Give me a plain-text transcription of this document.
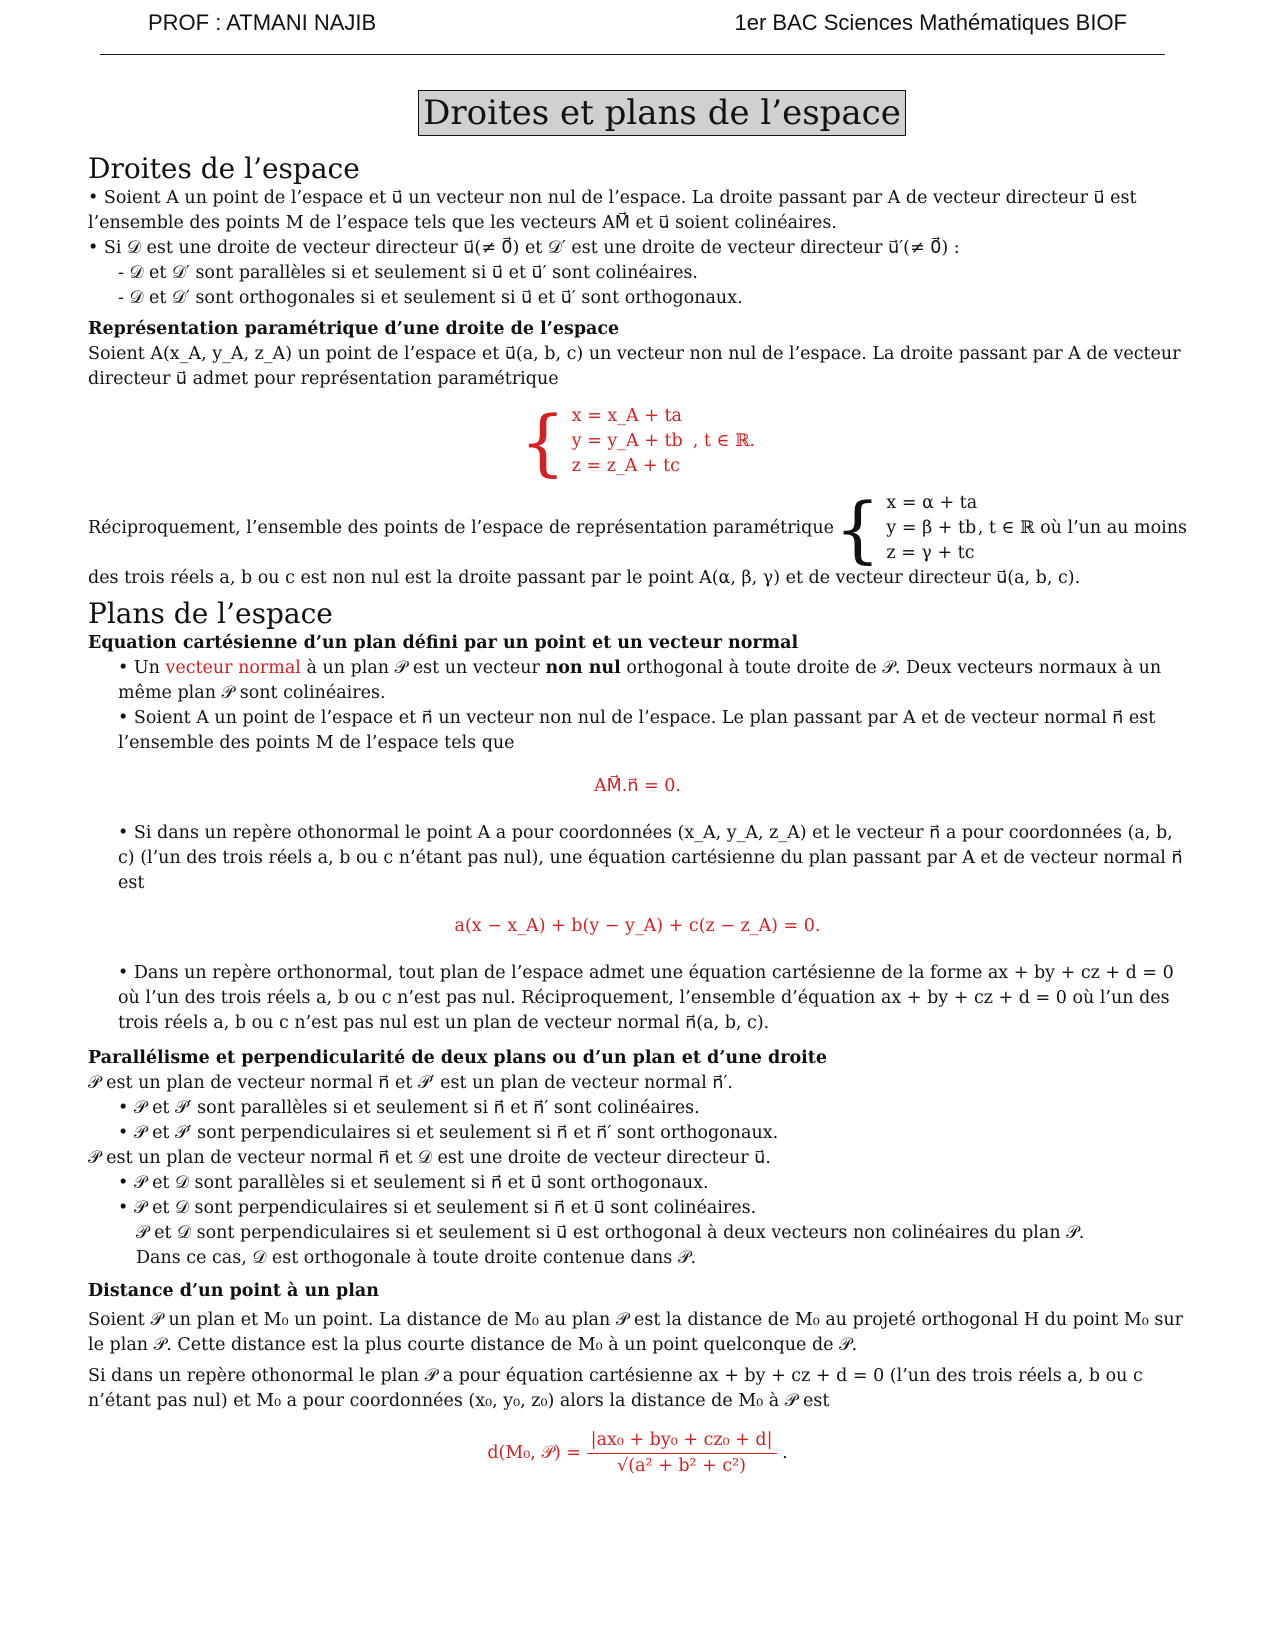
PROF : ATMANI NAJIB	1er BAC Sciences Mathématiques BIOF
Droites et plans de l’espace
Droites de l’espace

• Soient A un point de l’espace et u⃗ un vecteur non nul de l’espace. La droite passant par A de vecteur directeur u⃗ est l’ensemble des points M de l’espace tels que les vecteurs AM⃗ et u⃗ soient colinéaires.

• Si 𝒟 est une droite de vecteur directeur u⃗(≠ 0⃗) et 𝒟′ est une droite de vecteur directeur u⃗′(≠ 0⃗) :

- 𝒟 et 𝒟′ sont parallèles si et seulement si u⃗ et u⃗′ sont colinéaires.

- 𝒟 et 𝒟′ sont orthogonales si et seulement si u⃗ et u⃗′ sont orthogonaux.

Représentation paramétrique d’une droite de l’espace

Soient A(x_A, y_A, z_A) un point de l’espace et u⃗(a, b, c) un vecteur non nul de l’espace. La droite passant par A de vecteur directeur u⃗ admet pour représentation paramétrique

{ x = x_A + ta
y = y_A + tb
z = z_A + tc
, t ∈ ℝ.
Réciproquement, l’ensemble des points de l’espace de représentation paramétrique { x = α + ta
y = β + tb
z = γ + tc
, t ∈ ℝ où l’un au moins

des trois réels a, b ou c est non nul est la droite passant par le point A(α, β, γ) et de vecteur directeur u⃗(a, b, c).

Plans de l’espace
Equation cartésienne d’un plan défini par un point et un vecteur normal

• Un vecteur normal à un plan 𝒫 est un vecteur non nul orthogonal à toute droite de 𝒫. Deux vecteurs normaux à un même plan 𝒫 sont colinéaires.

• Soient A un point de l’espace et n⃗ un vecteur non nul de l’espace. Le plan passant par A et de vecteur normal n⃗ est l’ensemble des points M de l’espace tels que

AM⃗.n⃗ = 0.

• Si dans un repère othonormal le point A a pour coordonnées (x_A, y_A, z_A) et le vecteur n⃗ a pour coordonnées (a, b, c) (l’un des trois réels a, b ou c n’étant pas nul), une équation cartésienne du plan passant par A et de vecteur normal n⃗ est

a(x − x_A) + b(y − y_A) + c(z − z_A) = 0.

• Dans un repère orthonormal, tout plan de l’espace admet une équation cartésienne de la forme ax + by + cz + d = 0 où l’un des trois réels a, b ou c n’est pas nul. Réciproquement, l’ensemble d’équation ax + by + cz + d = 0 où l’un des trois réels a, b ou c n’est pas nul est un plan de vecteur normal n⃗(a, b, c).

Parallélisme et perpendicularité de deux plans ou d’un plan et d’une droite

𝒫 est un plan de vecteur normal n⃗ et 𝒫′ est un plan de vecteur normal n⃗′.

• 𝒫 et 𝒫′ sont parallèles si et seulement si n⃗ et n⃗′ sont colinéaires.

• 𝒫 et 𝒫′ sont perpendiculaires si et seulement si n⃗ et n⃗′ sont orthogonaux.

𝒫 est un plan de vecteur normal n⃗ et 𝒟 est une droite de vecteur directeur u⃗.

• 𝒫 et 𝒟 sont parallèles si et seulement si n⃗ et u⃗ sont orthogonaux.

• 𝒫 et 𝒟 sont perpendiculaires si et seulement si n⃗ et u⃗ sont colinéaires.

𝒫 et 𝒟 sont perpendiculaires si et seulement si u⃗ est orthogonal à deux vecteurs non colinéaires du plan 𝒫.

Dans ce cas, 𝒟 est orthogonale à toute droite contenue dans 𝒫.

Distance d’un point à un plan

Soient 𝒫 un plan et M₀ un point. La distance de M₀ au plan 𝒫 est la distance de M₀ au projeté orthogonal H du point M₀ sur le plan 𝒫. Cette distance est la plus courte distance de M₀ à un point quelconque de 𝒫.

Si dans un repère othonormal le plan 𝒫 a pour équation cartésienne ax + by + cz + d = 0 (l’un des trois réels a, b ou c n’étant pas nul) et M₀ a pour coordonnées (x₀, y₀, z₀) alors la distance de M₀ à 𝒫 est

d(M₀, 𝒫) = $\frac{\text{|ax₀ + by₀ + cz₀ + d|}}{\text{√(a² + b² + c²)}}$ .
